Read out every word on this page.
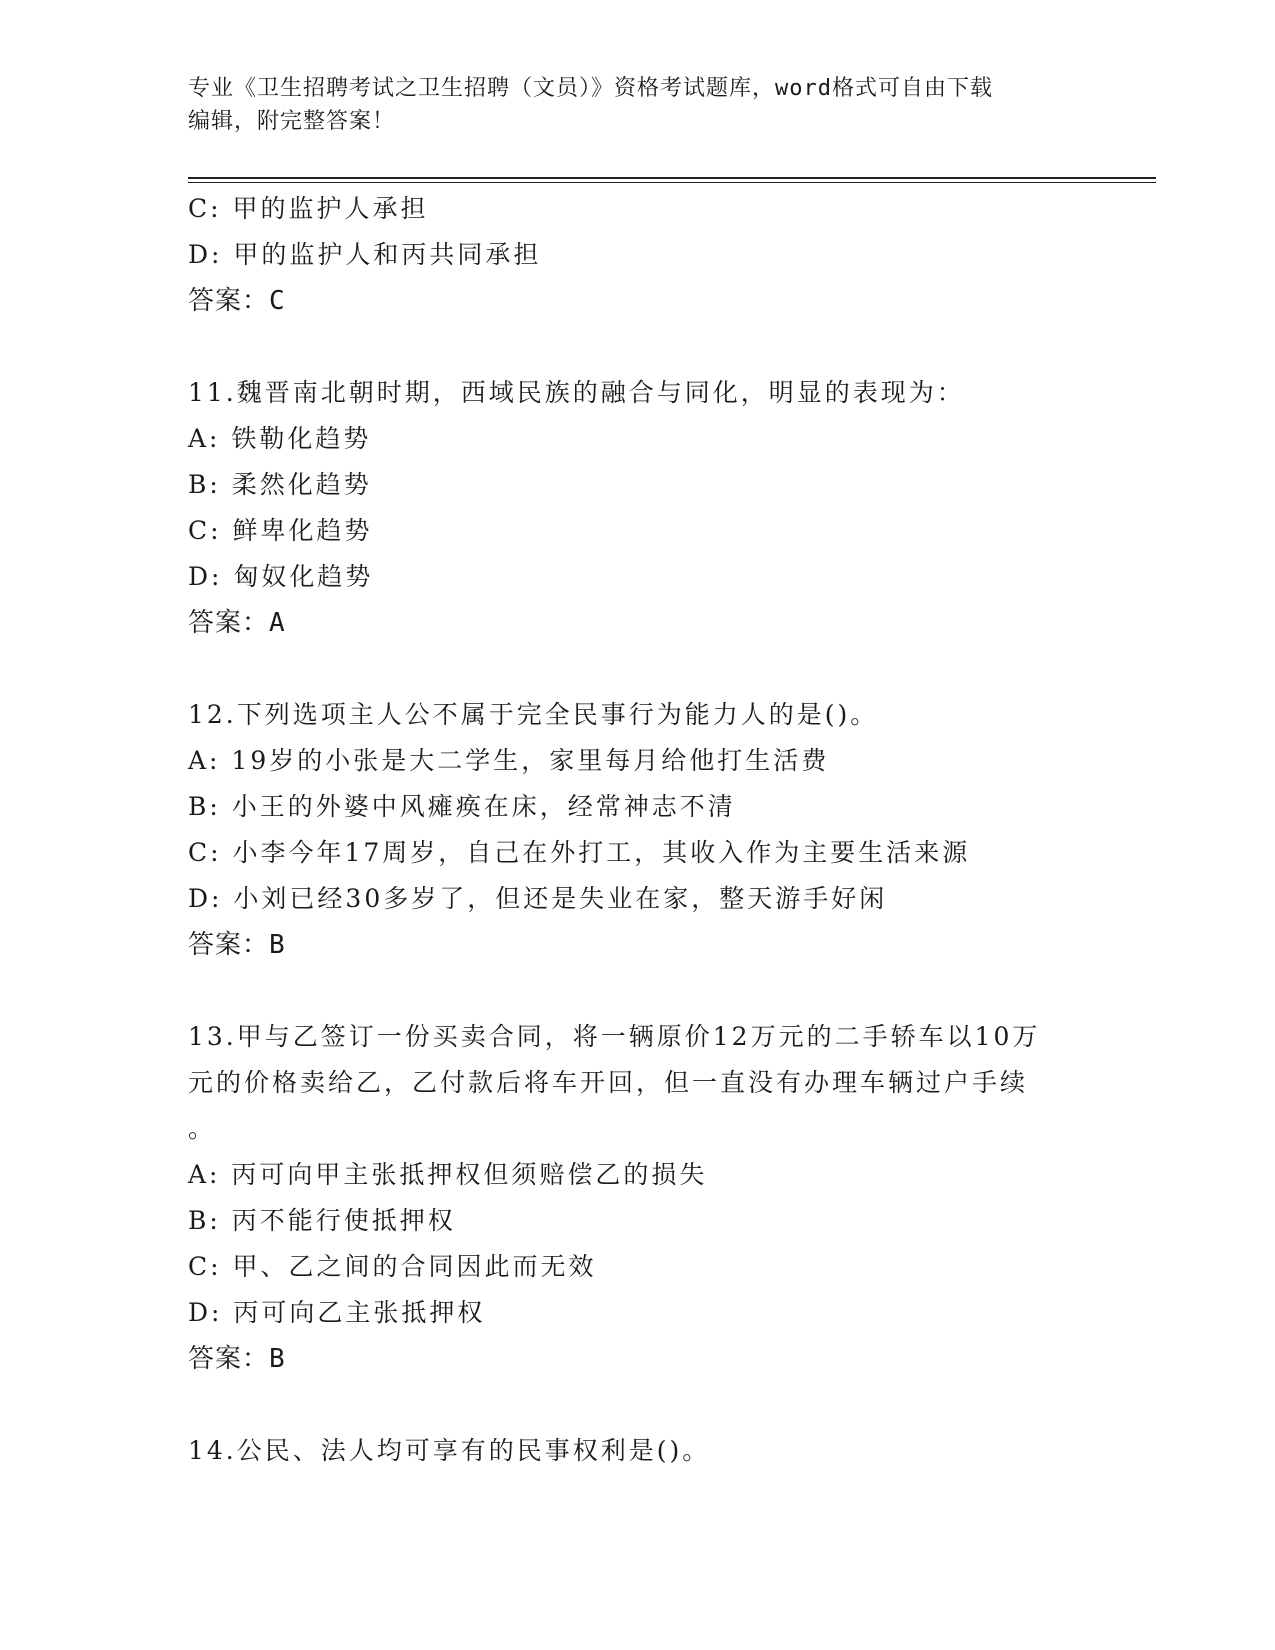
专业《卫生招聘考试之卫生招聘（文员）》资格考试题库，word格式可自由下载
编辑，附完整答案！
C: 甲的监护人承担
D: 甲的监护人和丙共同承担
答案：C
11.魏晋南北朝时期，西域民族的融合与同化，明显的表现为：
A: 铁勒化趋势
B: 柔然化趋势
C: 鲜卑化趋势
D: 匈奴化趋势
答案：A
12.下列选项主人公不属于完全民事行为能力人的是()。
A: 19岁的小张是大二学生，家里每月给他打生活费
B: 小王的外婆中风瘫痪在床，经常神志不清
C: 小李今年17周岁，自己在外打工，其收入作为主要生活来源
D: 小刘已经30多岁了，但还是失业在家，整天游手好闲
答案：B
13.甲与乙签订一份买卖合同，将一辆原价12万元的二手轿车以10万
元的价格卖给乙，乙付款后将车开回，但一直没有办理车辆过户手续
。
A: 丙可向甲主张抵押权但须赔偿乙的损失
B: 丙不能行使抵押权
C: 甲、乙之间的合同因此而无效
D: 丙可向乙主张抵押权
答案：B
14.公民、法人均可享有的民事权利是()。
